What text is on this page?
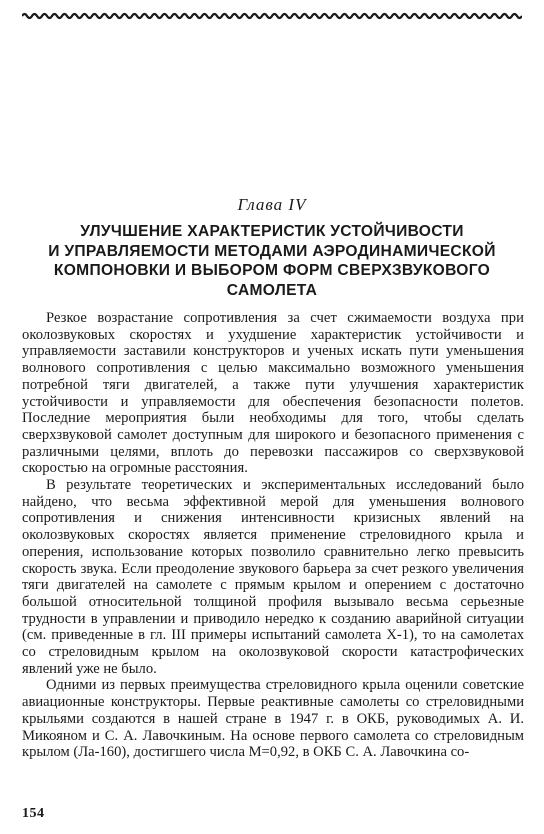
Глава IV
УЛУЧШЕНИЕ ХАРАКТЕРИСТИК УСТОЙЧИВОСТИ
И УПРАВЛЯЕМОСТИ МЕТОДАМИ АЭРОДИНАМИЧЕСКОЙ
КОМПОНОВКИ И ВЫБОРОМ ФОРМ СВЕРХЗВУКОВОГО
САМОЛЕТА

Резкое возрастание сопротивления за счет сжимаемости воздуха при околозвуковых скоростях и ухудшение характеристик устойчивости и управляемости заставили конструкторов и ученых искать пути уменьшения волнового сопротивления с целью максимально возможного уменьшения потребной тяги двигателей, а также пути улучшения характеристик устойчивости и управляемости для обеспечения безопасности полетов. Последние мероприятия были необходимы для того, чтобы сделать сверхзвуковой самолет доступным для широкого и безопасного применения с различными целями, вплоть до перевозки пассажиров со сверхзвуковой скоростью на огромные расстояния.

В результате теоретических и экспериментальных исследований было найдено, что весьма эффективной мерой для уменьшения волнового сопротивления и снижения интенсивности кризисных явлений на околозвуковых скоростях является применение стреловидного крыла и оперения, использование которых позволило сравнительно легко превысить скорость звука. Если преодоление звукового барьера за счет резкого увеличения тяги двигателей на самолете с прямым крылом и оперением с достаточно большой относительной толщиной профиля вызывало весьма серьезные трудности в управлении и приводило нередко к созданию аварийной ситуации (см. приведенные в гл. III примеры испытаний самолета Х-1), то на самолетах со стреловидным крылом на околозвуковой скорости катастрофических явлений уже не было.

Одними из первых преимущества стреловидного крыла оценили советские авиационные конструкторы. Первые реактивные самолеты со стреловидными крыльями создаются в нашей стране в 1947 г. в ОКБ, руководимых А. И. Микояном и С. А. Лавочкиным. На основе первого самолета со стреловидным крылом (Ла-160), достигшего числа M=0,92, в ОКБ С. А. Лавочкина со-

154
